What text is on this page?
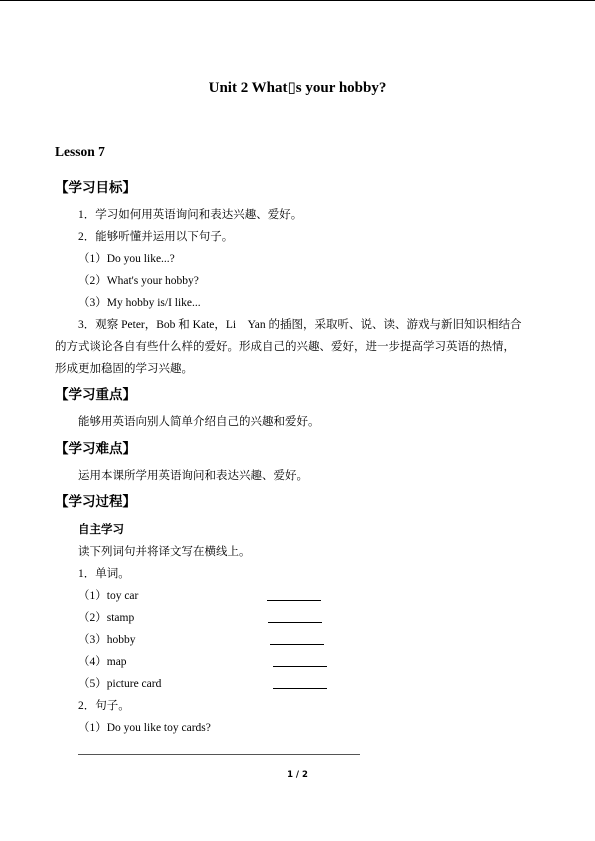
Unit 2 What▯s your hobby?
Lesson 7
【学习目标】
1．学习如何用英语询问和表达兴趣、爱好。
2．能够听懂并运用以下句子。
（1）Do you like...?
（2）What's your hobby?
（3）My hobby is/I like...
3．观察 Peter，Bob 和 Kate，Li　Yan 的插图，采取听、说、读、游戏与新旧知识相结合
的方式谈论各自有些什么样的爱好。形成自己的兴趣、爱好，进一步提高学习英语的热情，
形成更加稳固的学习兴趣。
【学习重点】
能够用英语向别人简单介绍自己的兴趣和爱好。
【学习难点】
运用本课所学用英语询问和表达兴趣、爱好。
【学习过程】
自主学习
读下列词句并将译文写在横线上。
1．单词。
（1）toy car
（2）stamp
（3）hobby
（4）map
（5）picture card
2．句子。
（1）Do you like toy cards?
1 / 2
